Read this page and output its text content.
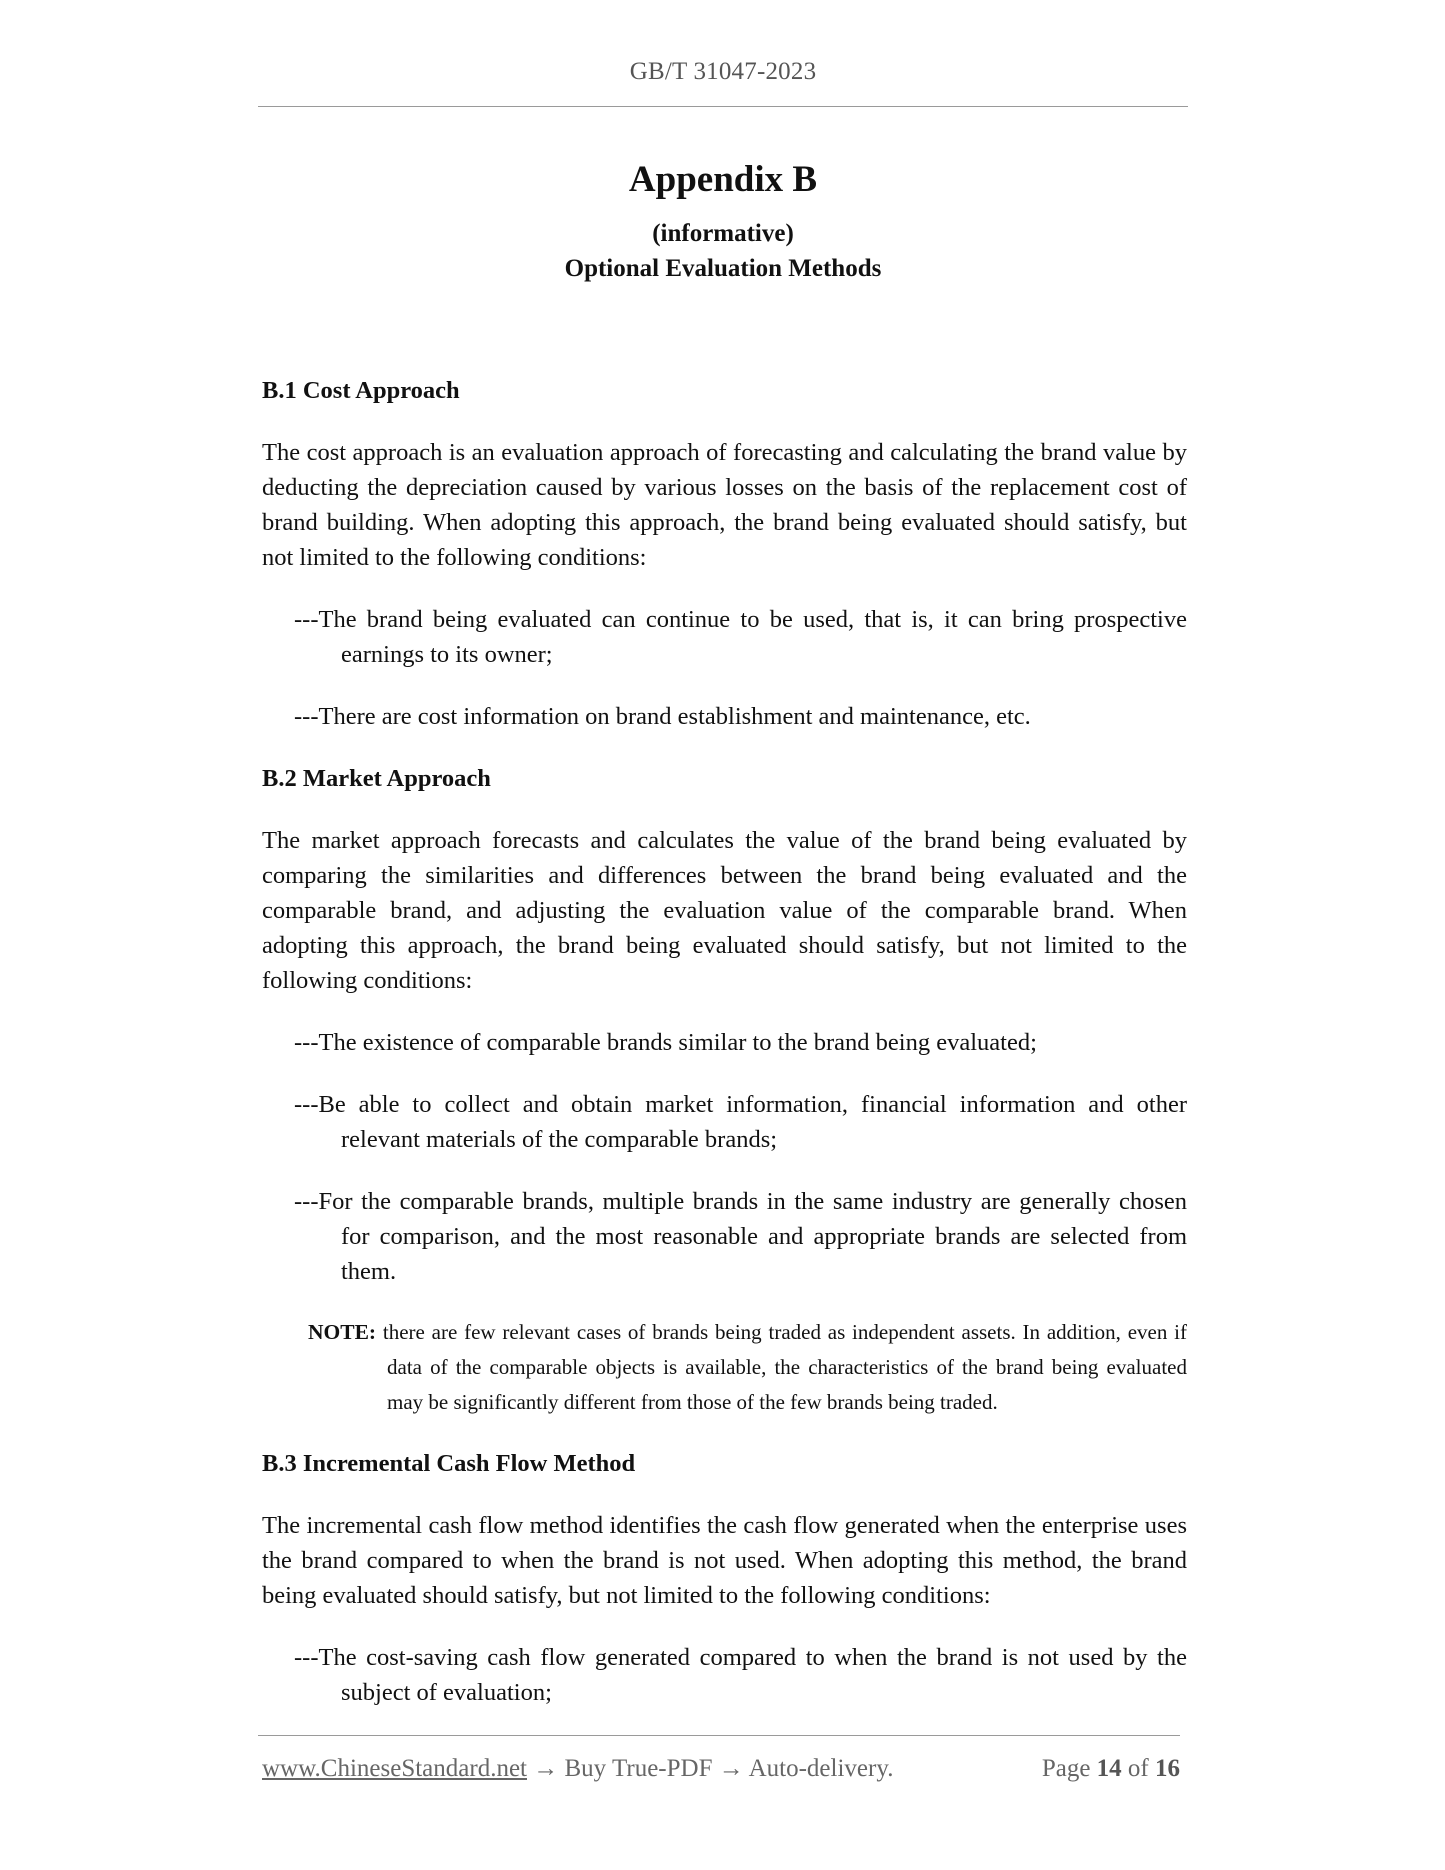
GB/T 31047-2023
Appendix B
(informative)
Optional Evaluation Methods
B.1 Cost Approach

The cost approach is an evaluation approach of forecasting and calculating the brand value by deducting the depreciation caused by various losses on the basis of the replacement cost of brand building. When adopting this approach, the brand being evaluated should satisfy, but not limited to the following conditions:

---The brand being evaluated can continue to be used, that is, it can bring prospective earnings to its owner;

---There are cost information on brand establishment and maintenance, etc.

B.2 Market Approach

The market approach forecasts and calculates the value of the brand being evaluated by comparing the similarities and differences between the brand being evaluated and the comparable brand, and adjusting the evaluation value of the comparable brand. When adopting this approach, the brand being evaluated should satisfy, but not limited to the following conditions:

---The existence of comparable brands similar to the brand being evaluated;

---Be able to collect and obtain market information, financial information and other relevant materials of the comparable brands;

---For the comparable brands, multiple brands in the same industry are generally chosen for comparison, and the most reasonable and appropriate brands are selected from them.

NOTE: there are few relevant cases of brands being traded as independent assets. In addition, even if data of the comparable objects is available, the characteristics of the brand being evaluated may be significantly different from those of the few brands being traded.

B.3 Incremental Cash Flow Method

The incremental cash flow method identifies the cash flow generated when the enterprise uses the brand compared to when the brand is not used. When adopting this method, the brand being evaluated should satisfy, but not limited to the following conditions:

---The cost-saving cash flow generated compared to when the brand is not used by the subject of evaluation;

www.ChineseStandard.net → Buy True-PDF → Auto-delivery.	Page 14 of 16
